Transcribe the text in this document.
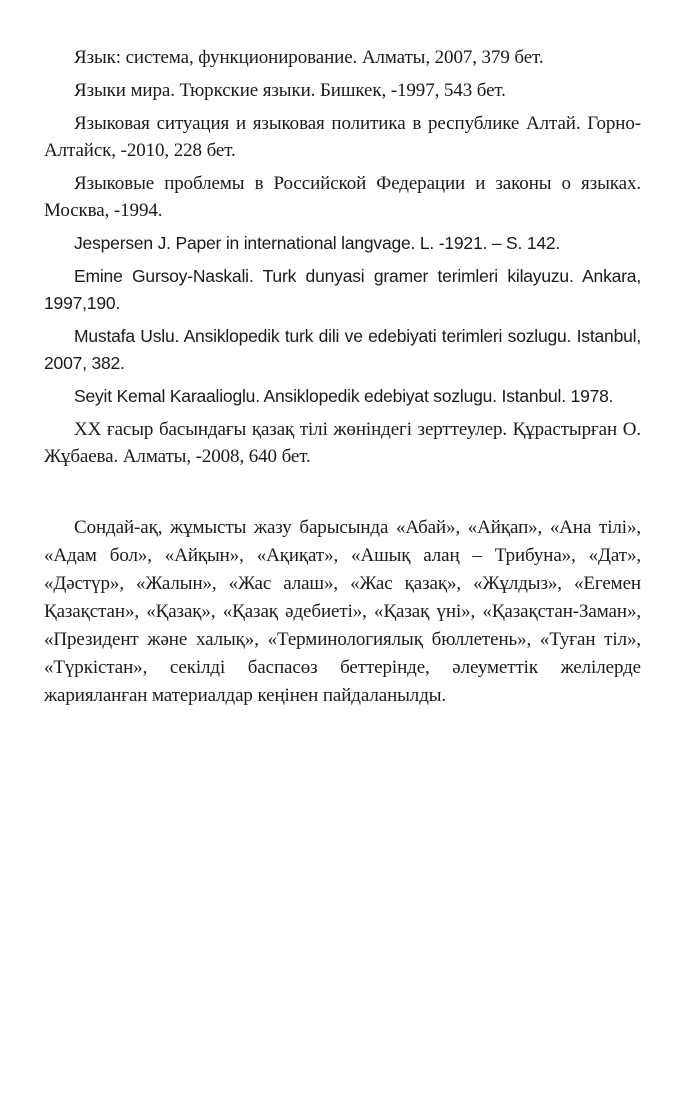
Язык: система, функционирование. Алматы, 2007, 379 бет.
Языки мира. Тюркские языки. Бишкек, -1997, 543 бет.
Языковая ситуация и языковая политика в республике Алтай. Горно-Алтайск, -2010, 228 бет.
Языковые проблемы в Российской Федерации и законы о языках. Москва, -1994.
Jespersen J. Paper in international langvage. L. -1921. – S. 142.
Emine Gursoy-Naskali. Turk dunyasi gramer terimleri kilayuzu. Ankara, 1997,190.
Mustafa Uslu. Ansiklopedik turk dili ve edebiyati terimleri sozlugu. Istanbul, 2007, 382.
Seyit Kemal Karaalioglu. Ansiklopedik edebiyat sozlugu. Istanbul. 1978.
XX ғасыр басындағы қазақ тілі жөніндегі зерттеулер. Құрастырған О. Жұбаева. Алматы, -2008, 640 бет.

Сондай-ақ, жұмысты жазу барысында «Абай», «Айқап», «Ана тілі», «Адам бол», «Айқын», «Ақиқат», «Ашық алаң – Трибуна», «Дат», «Дәстүр», «Жалын», «Жас алаш», «Жас қазақ», «Жұлдыз», «Егемен Қазақстан», «Қазақ», «Қазақ әдебиеті», «Қазақ үні», «Қазақстан-Заман», «Президент және халық», «Терминологиялық бюллетень», «Туған тіл», «Түркістан», секілді баспасөз беттерінде, әлеуметтік желілерде жарияланған материалдар кеңінен пайдаланылды.
